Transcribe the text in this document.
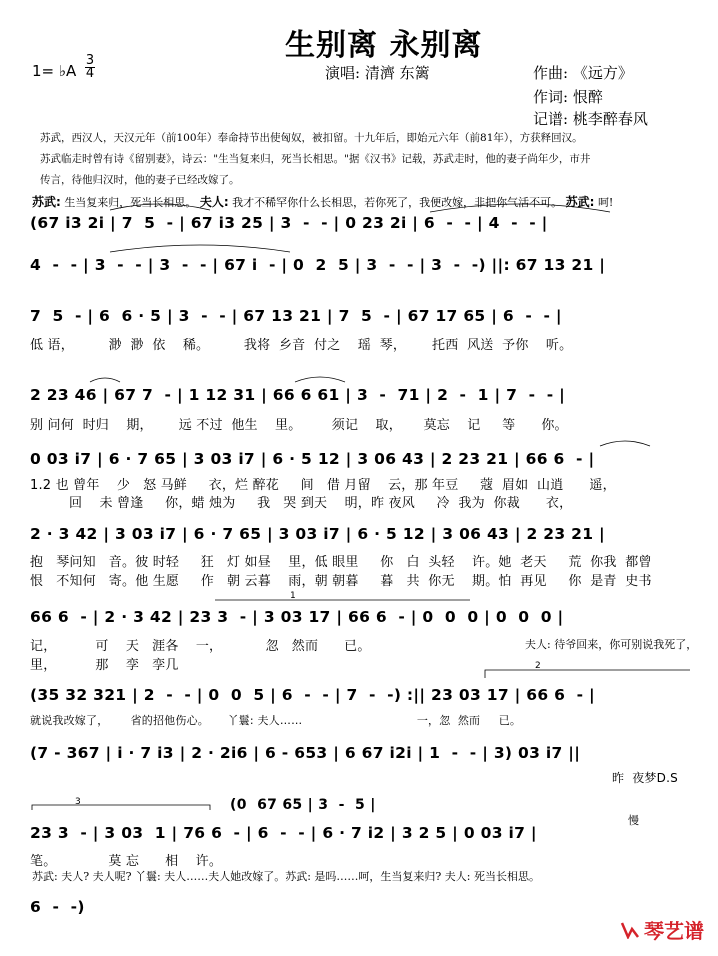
生别离 永别离
1= ♭A
3
4	演唱: 清濟 东篱	作曲: 《远方》
作词: 恨醉
记谱: 桃李醉春风
苏武，西汉人，天汉元年（前100年）奉命持节出使匈奴，被扣留。十九年后，即始元六年（前81年），方获释回汉。
苏武临走时曾有诗《留别妻》，诗云："生当复来归，死当长相思。"据《汉书》记载，苏武走时，他的妻子尚年少，市井
传言，待他归汉时，他的妻子已经改嫁了。
苏武: 生当复来归，死当长相思。 夫人: 我才不稀罕你什么长相思，若你死了，我便改嫁，非把你气活不可。 苏武: 呵!
(67 i3 2i | 7  5  - | 67 i3 25 | 3  -  - | 0 23 2i | 6  -  - | 4  -  - |
4  -  - | 3  -  - | 3  -  - | 67 i  - | 0  2  5 | 3  -  - | 3  -  -) ||: 67 13 21 |
7  5  - | 6  6 · 5 | 3  -  - | 67 13 21 | 7  5  - | 67 17 65 | 6  -  - |
低 语，        渺  渺  依    稀。        我将  乡音  付之    瑶  琴，      托西  风送  予你    听。
2 23 46 | 67 7  - | 1 12 31 | 66 6 61 | 3  -  71 | 2  -  1 | 7  -  - |
别 问何  时归    期，      远 不过  他生    里。       须记    取，     莫忘    记     等      你。
0 03 i7 | 6 · 7 65 | 3 03 i7 | 6 · 5 12 | 3 06 43 | 2 23 21 | 66 6  - |
1.2 也 曾年    少   怒 马鲜     衣，烂 醉花     间   借 月留    云，那 年豆     蔻  眉如  山逍      遥，
回    未 曾逢     你，蜡 烛为     我   哭 到天    明，昨 夜风     冷  我为  你裁      衣，
2 · 3 42 | 3 03 i7 | 6 · 7 65 | 3 03 i7 | 6 · 5 12 | 3 06 43 | 2 23 21 |
抱   琴问知   音。彼 时轻     狂   灯 如昼    里，低 眼里     你   白  头轻    许。她  老天     荒  你我  都曾
恨   不知何   寄。他 生愿     作   朝 云暮    雨，朝 朝暮     暮   共  你无    期。怕  再见     你  是青  史书
66 6  - | 2 · 3 42 | 23 3  - | 3 03 17 | 66 6  - | 0  0  0 | 0  0  0 |
记，         可    天   涯各    一，          忽   然而      已。
里，         那    孪   孪几
夫人: 待爷回来，你可别说我死了，
(35 32 321 | 2  -  - | 0  0  5 | 6  -  - | 7  -  -) :|| 23 03 17 | 66 6  - |
就说我改嫁了，      省的招他伤心。     丫鬟: 夫人……                               一，忽  然而     已。
(7 - 367 | i · 7 i3 | 2 · 2i6 | 6 - 653 | 6 67 i2i | 1  -  - | 3) 03 i7 ||
昨  夜梦D.S
(0  67 65 | 3  -  5 |
慢
23 3  - | 3 03  1 | 76 6  - | 6  -  - | 6 · 7 i2 | 3 2 5 | 0 03 i7 |
笔。            莫 忘      相    许。
苏武: 夫人? 夫人呢? 丫鬟: 夫人……夫人她改嫁了。苏武: 是吗……呵，生当复来归? 夫人: 死当长相思。
6  -  -)
1
2
3
琴艺谱
